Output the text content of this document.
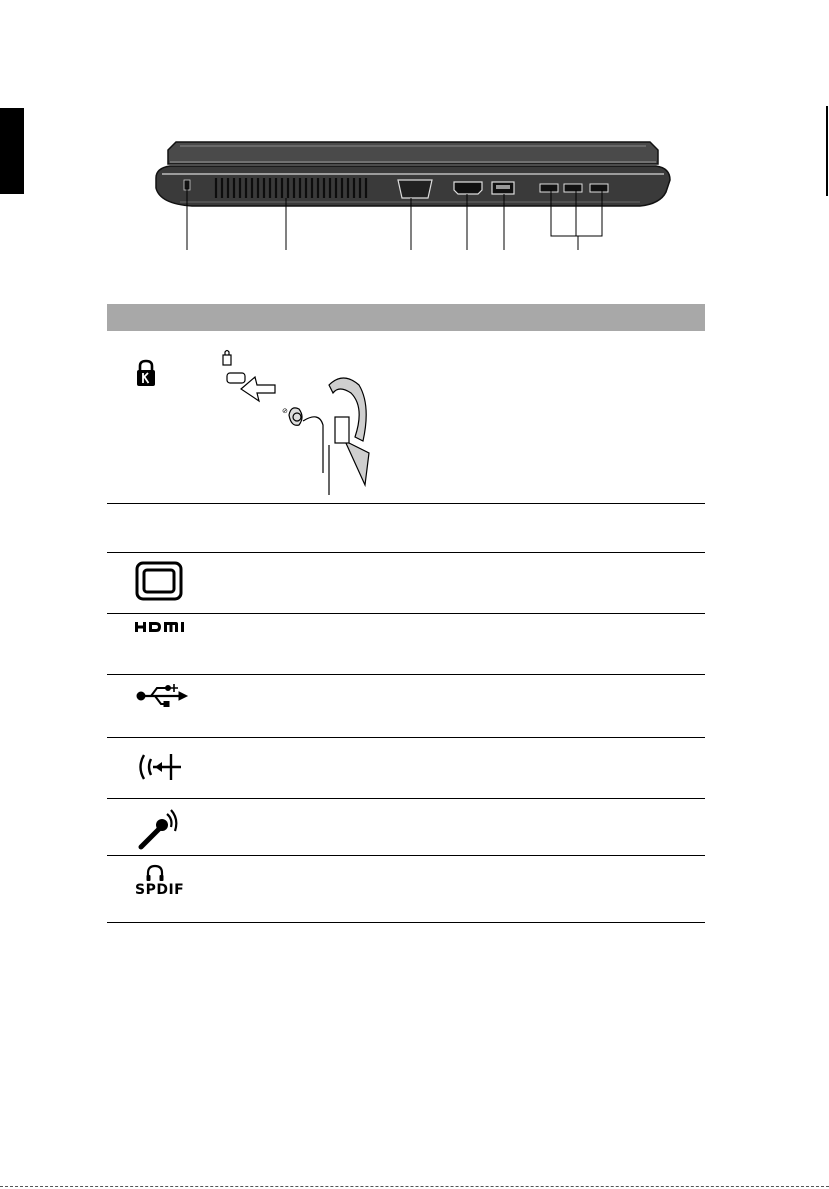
⊘
SPDIF
